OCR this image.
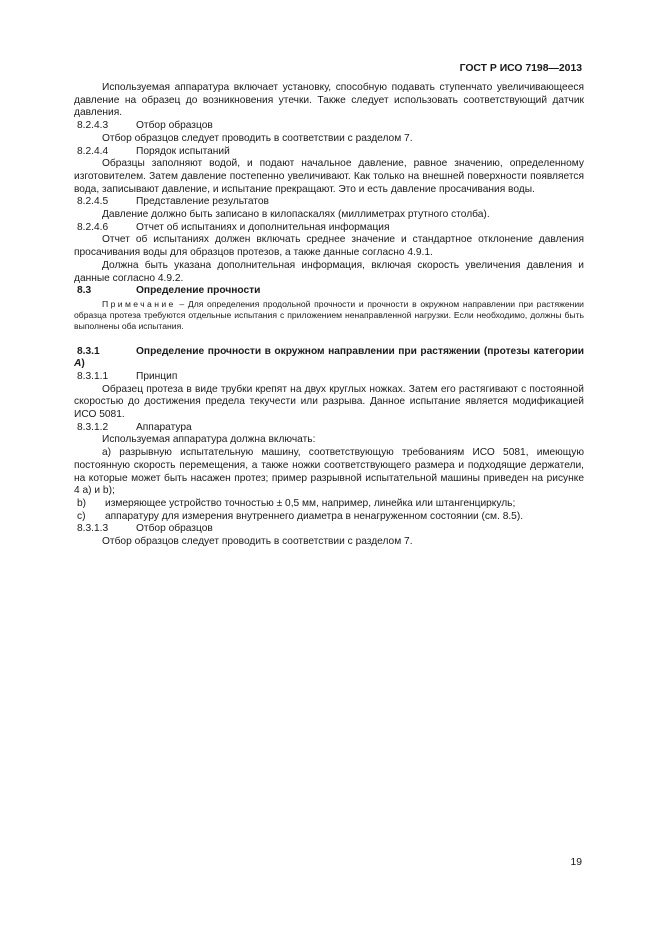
ГОСТ Р ИСО 7198—2013

Используемая аппаратура включает установку, способную подавать ступенчато увеличивающееся давление на образец до возникновения утечки. Также следует использовать соответствующий датчик давления.

8.2.4.3	Отбор образцов

Отбор образцов следует проводить в соответствии с разделом 7.

8.2.4.4	Порядок испытаний

Образцы заполняют водой, и подают начальное давление, равное значению, определенному изготовителем. Затем давление постепенно увеличивают. Как только на внешней поверхности появляется вода, записывают давление, и испытание прекращают. Это и есть давление просачивания воды.

8.2.4.5	Представление результатов

Давление должно быть записано в килопаскалях (миллиметрах ртутного столба).

8.2.4.6	Отчет об испытаниях и дополнительная информация

Отчет об испытаниях должен включать среднее значение и стандартное отклонение давления просачивания воды для образцов протезов, а также данные согласно 4.9.1.

Должна быть указана дополнительная информация, включая скорость увеличения давления и данные согласно 4.9.2.

8.3	Определение прочности

Примечание – Для определения продольной прочности и прочности в окружном направлении при растяжении образца протеза требуются отдельные испытания с приложением ненаправленной нагрузки. Если необходимо, должны быть выполнены оба испытания.

8.3.1	Определение прочности в окружном направлении при растяжении (протезы категории А)

8.3.1.1	Принцип

Образец протеза в виде трубки крепят на двух круглых ножках. Затем его растягивают с постоянной скоростью до достижения предела текучести или разрыва. Данное испытание является модификацией ИСО 5081.

8.3.1.2	Аппаратура

Используемая аппаратура должна включать:

а) разрывную испытательную машину, соответствующую требованиям ИСО 5081, имеющую постоянную скорость перемещения, а также ножки соответствующего размера и подходящие держатели, на которые может быть насажен протез; пример разрывной испытательной машины приведен на рисунке 4 а) и b);

b) измеряющее устройство точностью ± 0,5 мм, например, линейка или штангенциркуль;

c) аппаратуру для измерения внутреннего диаметра в ненагруженном состоянии (см. 8.5).

8.3.1.3	Отбор образцов

Отбор образцов следует проводить в соответствии с разделом 7.

19
